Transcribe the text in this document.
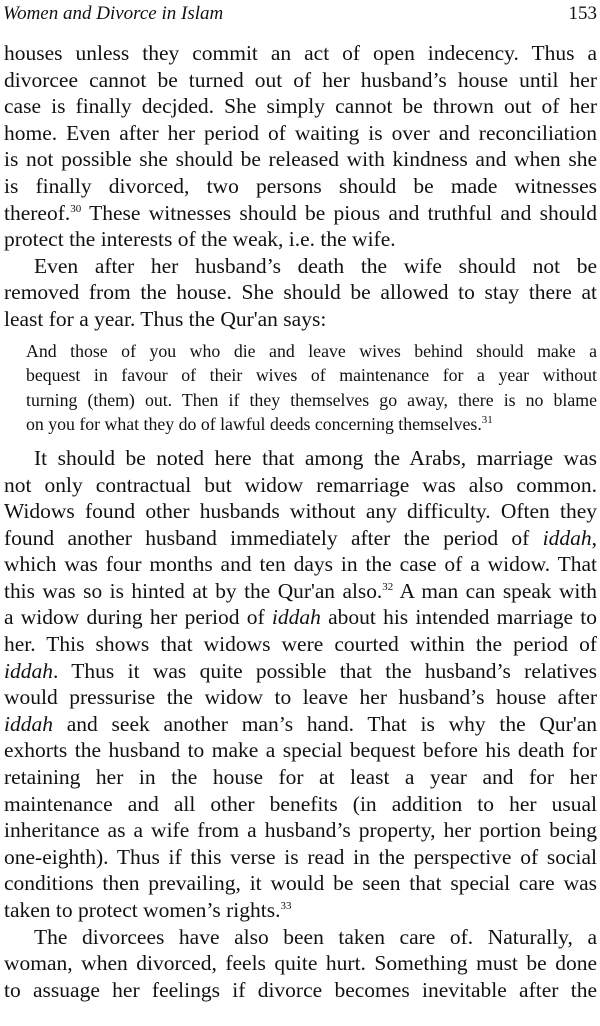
Women and Divorce in Islam	153
houses unless they commit an act of open indecency. Thus a
divorcee cannot be turned out of her husband’s house until her
case is finally decjded. She simply cannot be thrown out of her
home. Even after her period of waiting is over and reconciliation
is not possible she should be released with kindness and when she
is finally divorced, two persons should be made witnesses
thereof.$^{30}$ These witnesses should be pious and truthful and should
protect the interests of the weak, i.e. the wife.
Even after her husband’s death the wife should not be
removed from the house. She should be allowed to stay there at
least for a year. Thus the Qur'an says:
And those of you who die and leave wives behind should make a
bequest in favour of their wives of maintenance for a year without
turning (them) out. Then if they themselves go away, there is no blame
on you for what they do of lawful deeds concerning themselves.$^{31}$
It should be noted here that among the Arabs, marriage was
not only contractual but widow remarriage was also common.
Widows found other husbands without any difficulty. Often they
found another husband immediately after the period of iddah,
which was four months and ten days in the case of a widow. That
this was so is hinted at by the Qur'an also.$^{32}$ A man can speak with
a widow during her period of iddah about his intended marriage to
her. This shows that widows were courted within the period of
iddah. Thus it was quite possible that the husband’s relatives
would pressurise the widow to leave her husband’s house after
iddah and seek another man’s hand. That is why the Qur'an
exhorts the husband to make a special bequest before his death for
retaining her in the house for at least a year and for her
maintenance and all other benefits (in addition to her usual
inheritance as a wife from a husband’s property, her portion being
one-eighth). Thus if this verse is read in the perspective of social
conditions then prevailing, it would be seen that special care was
taken to protect women’s rights.$^{33}$
The divorcees have also been taken care of. Naturally, a
woman, when divorced, feels quite hurt. Something must be done
to assuage her feelings if divorce becomes inevitable after the
